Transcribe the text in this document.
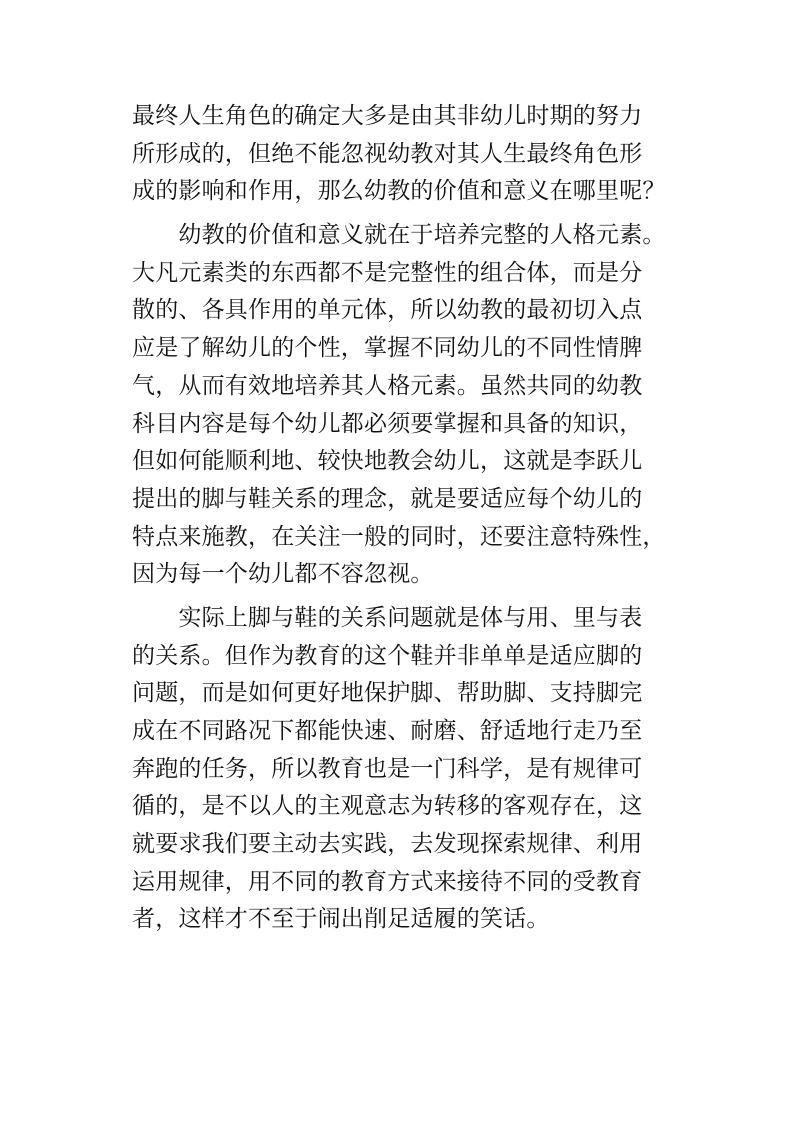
最终人生角色的确定大多是由其非幼儿时期的努力
所形成的，但绝不能忽视幼教对其人生最终角色形
成的影响和作用，那么幼教的价值和意义在哪里呢？
　　幼教的价值和意义就在于培养完整的人格元素。
大凡元素类的东西都不是完整性的组合体，而是分
散的、各具作用的单元体，所以幼教的最初切入点
应是了解幼儿的个性，掌握不同幼儿的不同性情脾
气，从而有效地培养其人格元素。虽然共同的幼教
科目内容是每个幼儿都必须要掌握和具备的知识，
但如何能顺利地、较快地教会幼儿，这就是李跃儿
提出的脚与鞋关系的理念，就是要适应每个幼儿的
特点来施教，在关注一般的同时，还要注意特殊性，
因为每一个幼儿都不容忽视。
　　实际上脚与鞋的关系问题就是体与用、里与表
的关系。但作为教育的这个鞋并非单单是适应脚的
问题，而是如何更好地保护脚、帮助脚、支持脚完
成在不同路况下都能快速、耐磨、舒适地行走乃至
奔跑的任务，所以教育也是一门科学，是有规律可
循的，是不以人的主观意志为转移的客观存在，这
就要求我们要主动去实践，去发现探索规律、利用
运用规律，用不同的教育方式来接待不同的受教育
者，这样才不至于闹出削足适履的笑话。
